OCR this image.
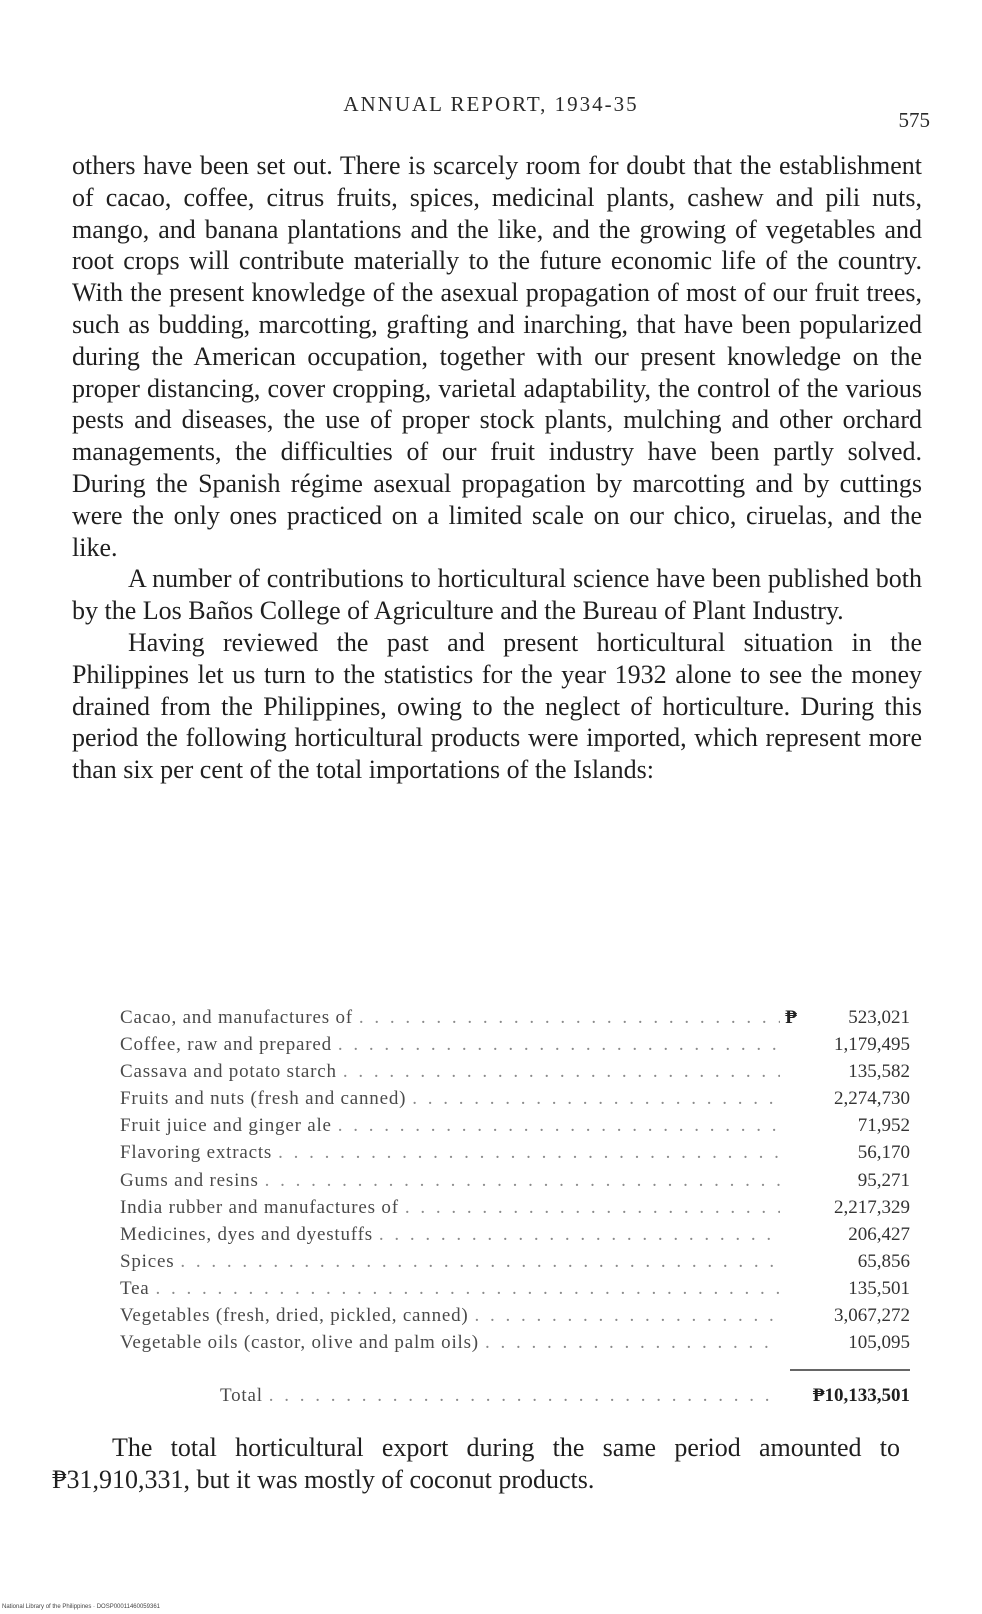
ANNUAL REPORT, 1934-35
575

others have been set out. There is scarcely room for doubt that the establishment of cacao, coffee, citrus fruits, spices, medicinal plants, cashew and pili nuts, mango, and banana plantations and the like, and the growing of vegetables and root crops will contribute materially to the future economic life of the country. With the present knowledge of the asexual propagation of most of our fruit trees, such as budding, marcotting, grafting and inarching, that have been popularized during the American occupation, together with our present knowledge on the proper distancing, cover cropping, varietal adaptability, the control of the various pests and diseases, the use of proper stock plants, mulching and other orchard managements, the difficulties of our fruit industry have been partly solved. During the Spanish régime asexual propagation by marcotting and by cuttings were the only ones practiced on a limited scale on our chico, ciruelas, and the like.

A number of contributions to horticultural science have been published both by the Los Baños College of Agriculture and the Bureau of Plant Industry.

Having reviewed the past and present horticultural situation in the Philippines let us turn to the statistics for the year 1932 alone to see the money drained from the Philippines, owing to the neglect of horticulture. During this period the following horticultural products were imported, which represent more than six per cent of the total importations of the Islands:

Cacao, and manufactures of . . .	₱	523,021
Coffee, raw and prepared . . .	1,179,495
Cassava and potato starch . . .	135,582
Fruits and nuts (fresh and canned) . . .	2,274,730
Fruit juice and ginger ale . . .	71,952
Flavoring extracts . . .	56,170
Gums and resins . . .	95,271
India rubber and manufactures of . . .	2,217,329
Medicines, dyes and dyestuffs . . .	206,427
Spices . . .	65,856
Tea . . .	135,501
Vegetables (fresh, dried, pickled, canned) . . .	3,067,272
Vegetable oils (castor, olive and palm oils) . . .	105,095
Total . . .	₱10,133,501

The total horticultural export during the same period amounted to ₱31,910,331, but it was mostly of coconut products.

National Library of the Philippines · DOSP00011460059361
